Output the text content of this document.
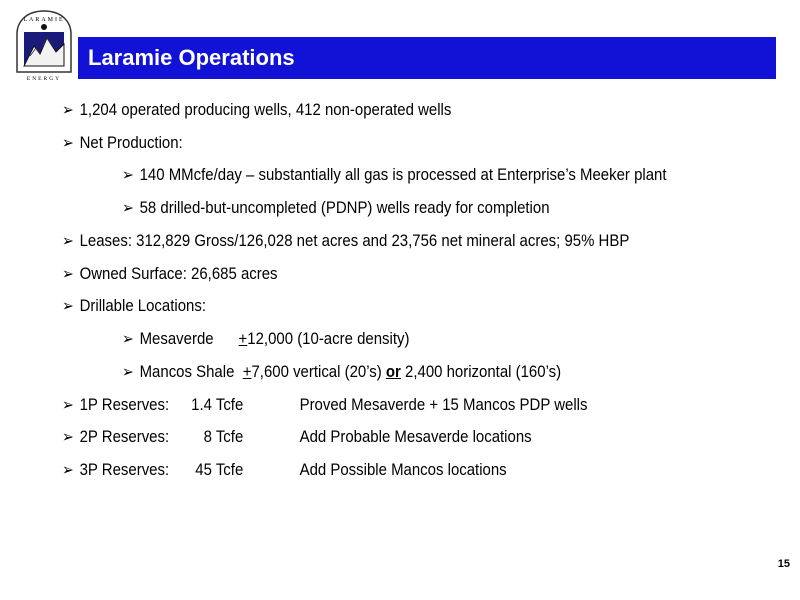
LARAMIE
ENERGY
Laramie Operations
➢ 1,204 operated producing wells, 412 non-operated wells
➢ Net Production:
➢ 140 MMcfe/day – substantially all gas is processed at Enterprise’s Meeker plant
➢ 58 drilled-but-uncompleted (PDNP) wells ready for completion
➢ Leases: 312,829 Gross/126,028 net acres and 23,756 net mineral acres; 95% HBP
➢ Owned Surface: 26,685 acres
➢ Drillable Locations:
➢ Mesaverde      +12,000 (10-acre density)
➢ Mancos Shale  +7,600 vertical (20’s) or 2,400 horizontal (160’s)
➢ 1P Reserves:	1.4 Tcfe	Proved Mesaverde + 15 Mancos PDP wells
➢ 2P Reserves:	8 Tcfe	Add Probable Mesaverde locations
➢ 3P Reserves:	45 Tcfe	Add Possible Mancos locations
15
